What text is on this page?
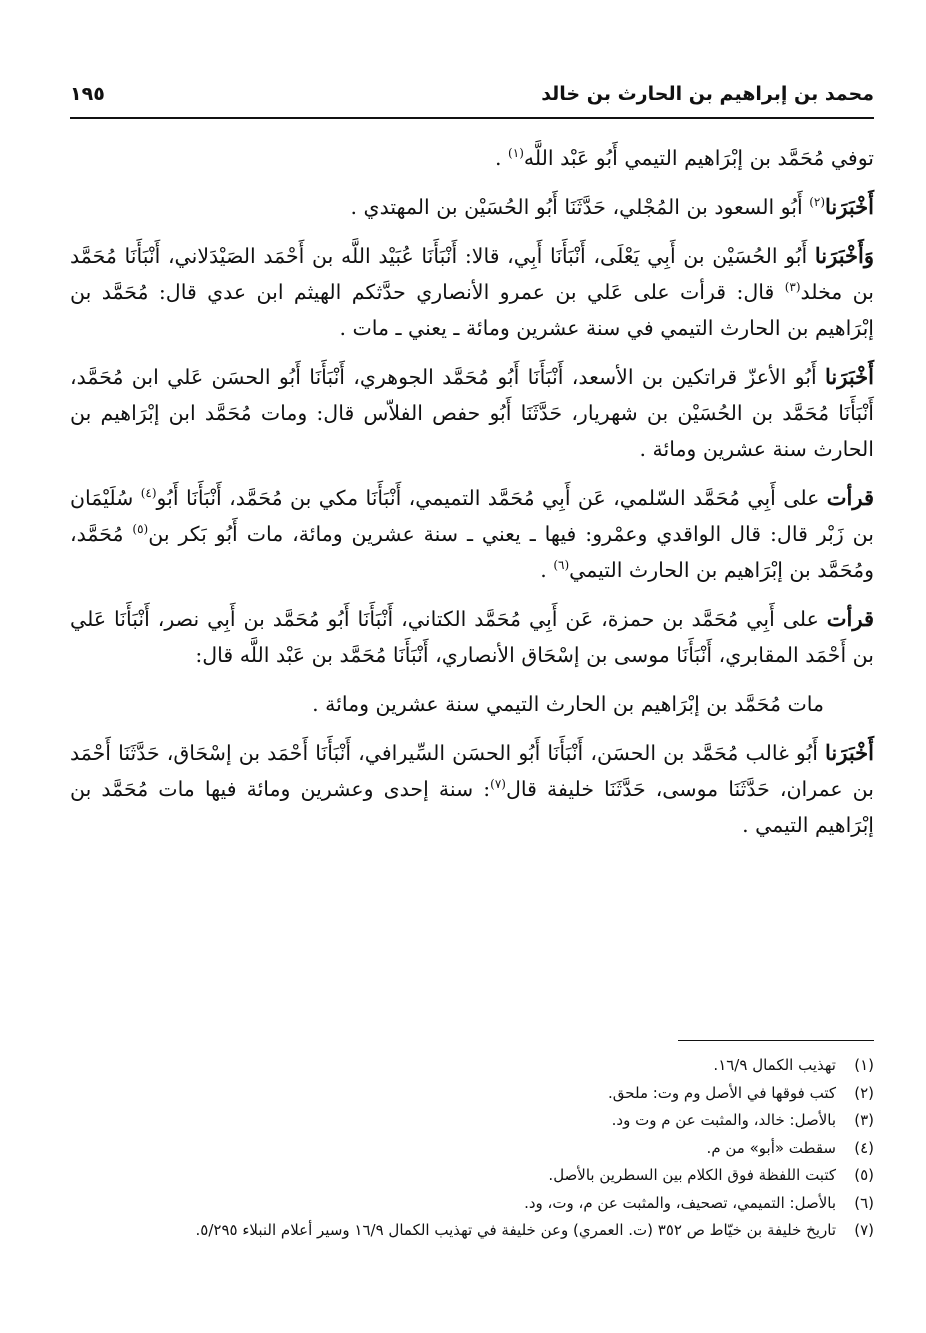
محمد بن إبراهيم بن الحارث بن خالد
١٩٥

توفي مُحَمَّد بن إبْرَاهيم التيمي أَبُو عَبْد اللَّه$^{(١)}$ .

أَخْبَرَنا$^{(٢)}$ أَبُو السعود بن المُجْلي، حَدَّثَنَا أَبُو الحُسَيْن بن المهتدي .

وَأَخْبَرَنا أَبُو الحُسَيْن بن أَبِي يَعْلَى، أَنْبَأَنَا أَبِي، قالا: أَنْبَأَنَا عُبَيْد اللَّه بن أَحْمَد الصَيْدَلاني، أَنْبَأَنَا مُحَمَّد بن مخلد$^{(٣)}$ قال: قرأت على عَلي بن عمرو الأنصاري حدَّثكم الهيثم ابن عدي قال: مُحَمَّد بن إبْرَاهيم بن الحارث التيمي في سنة عشرين ومائة ـ يعني ـ مات .

أَخْبَرَنا أَبُو الأعزّ قراتكين بن الأسعد، أَنْبَأَنَا أَبُو مُحَمَّد الجوهري، أَنْبَأَنَا أَبُو الحسَن عَلي ابن مُحَمَّد، أَنْبَأَنَا مُحَمَّد بن الحُسَيْن بن شهريار، حَدَّثَنَا أَبُو حفص الفلاّس قال: ومات مُحَمَّد ابن إبْرَاهيم بن الحارث سنة عشرين ومائة .

قرأت على أَبِي مُحَمَّد السّلمي، عَن أَبِي مُحَمَّد التميمي، أَنْبَأَنَا مكي بن مُحَمَّد، أَنْبَأَنَا أَبُو$^{(٤)}$ سُلَيْمَان بن زَبْر قال: قال الواقدي وعمْرو: فيها ـ يعني ـ سنة عشرين ومائة، مات أَبُو بَكر بن$^{(٥)}$ مُحَمَّد، ومُحَمَّد بن إبْرَاهيم بن الحارث التيمي$^{(٦)}$ .

قرأت على أَبِي مُحَمَّد بن حمزة، عَن أَبِي مُحَمَّد الكتاني، أَنْبَأَنَا أَبُو مُحَمَّد بن أَبِي نصر، أَنْبَأَنَا عَلي بن أَحْمَد المقابري، أَنْبَأَنَا موسى بن إسْحَاق الأنصاري، أَنْبَأَنَا مُحَمَّد بن عَبْد اللَّه قال:

مات مُحَمَّد بن إبْرَاهيم بن الحارث التيمي سنة عشرين ومائة .

أَخْبَرَنا أَبُو غالب مُحَمَّد بن الحسَن، أَنْبَأَنَا أَبُو الحسَن السِّيرافي، أَنْبَأَنَا أَحْمَد بن إسْحَاق، حَدَّثَنَا أَحْمَد بن عمران، حَدَّثَنَا موسى، حَدَّثَنَا خليفة قال$^{(٧)}$: سنة إحدى وعشرين ومائة فيها مات مُحَمَّد بن إبْرَاهيم التيمي .

(١)
تهذيب الكمال ١٦/٩.
(٢)
كتب فوقها في الأصل وم وت: ملحق.
(٣)
بالأصل: خالد، والمثبت عن م وت ود.
(٤)
سقطت «أبو» من م.
(٥)
كتبت اللفظة فوق الكلام بين السطرين بالأصل.
(٦)
بالأصل: التميمي، تصحيف، والمثبت عن م، وت، ود.
(٧)
تاريخ خليفة بن خيّاط ص ٣٥٢ (ت. العمري) وعن خليفة في تهذيب الكمال ١٦/٩ وسير أعلام النبلاء ٥/٢٩٥.
